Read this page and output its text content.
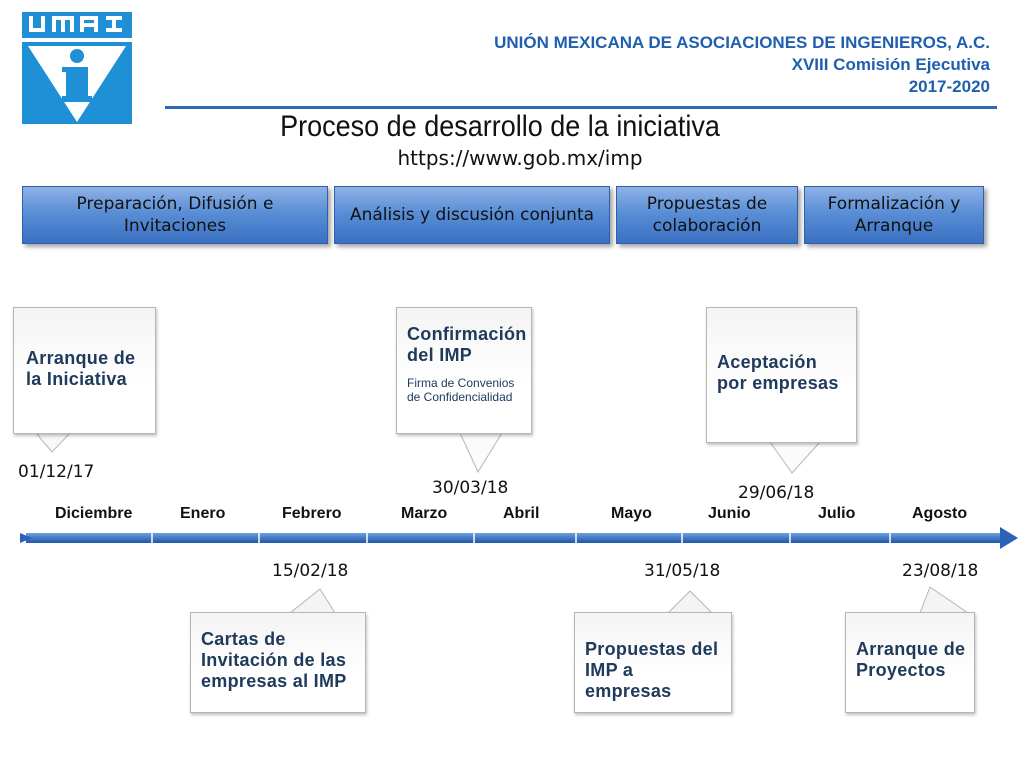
UNIÓN MEXICANA DE ASOCIACIONES DE INGENIEROS, A.C.
XVIII Comisión Ejecutiva
2017-2020
Proceso de desarrollo de la iniciativa
https://www.gob.mx/imp
Preparación, Difusión e Invitaciones
Análisis y discusión conjunta
Propuestas de colaboración
Formalización y Arranque
Arranque de la Iniciativa
Confirmación del IMP
Firma de Convenios de Confidencialidad
Aceptación por empresas
01/12/17
30/03/18	29/06/18
Diciembre	Enero	Febrero	Marzo	Abril	Mayo	Junio	Julio	Agosto
15/02/18	31/05/18	23/08/18
Cartas de Invitación de las empresas al IMP
Propuestas del IMP a empresas
Arranque de Proyectos
